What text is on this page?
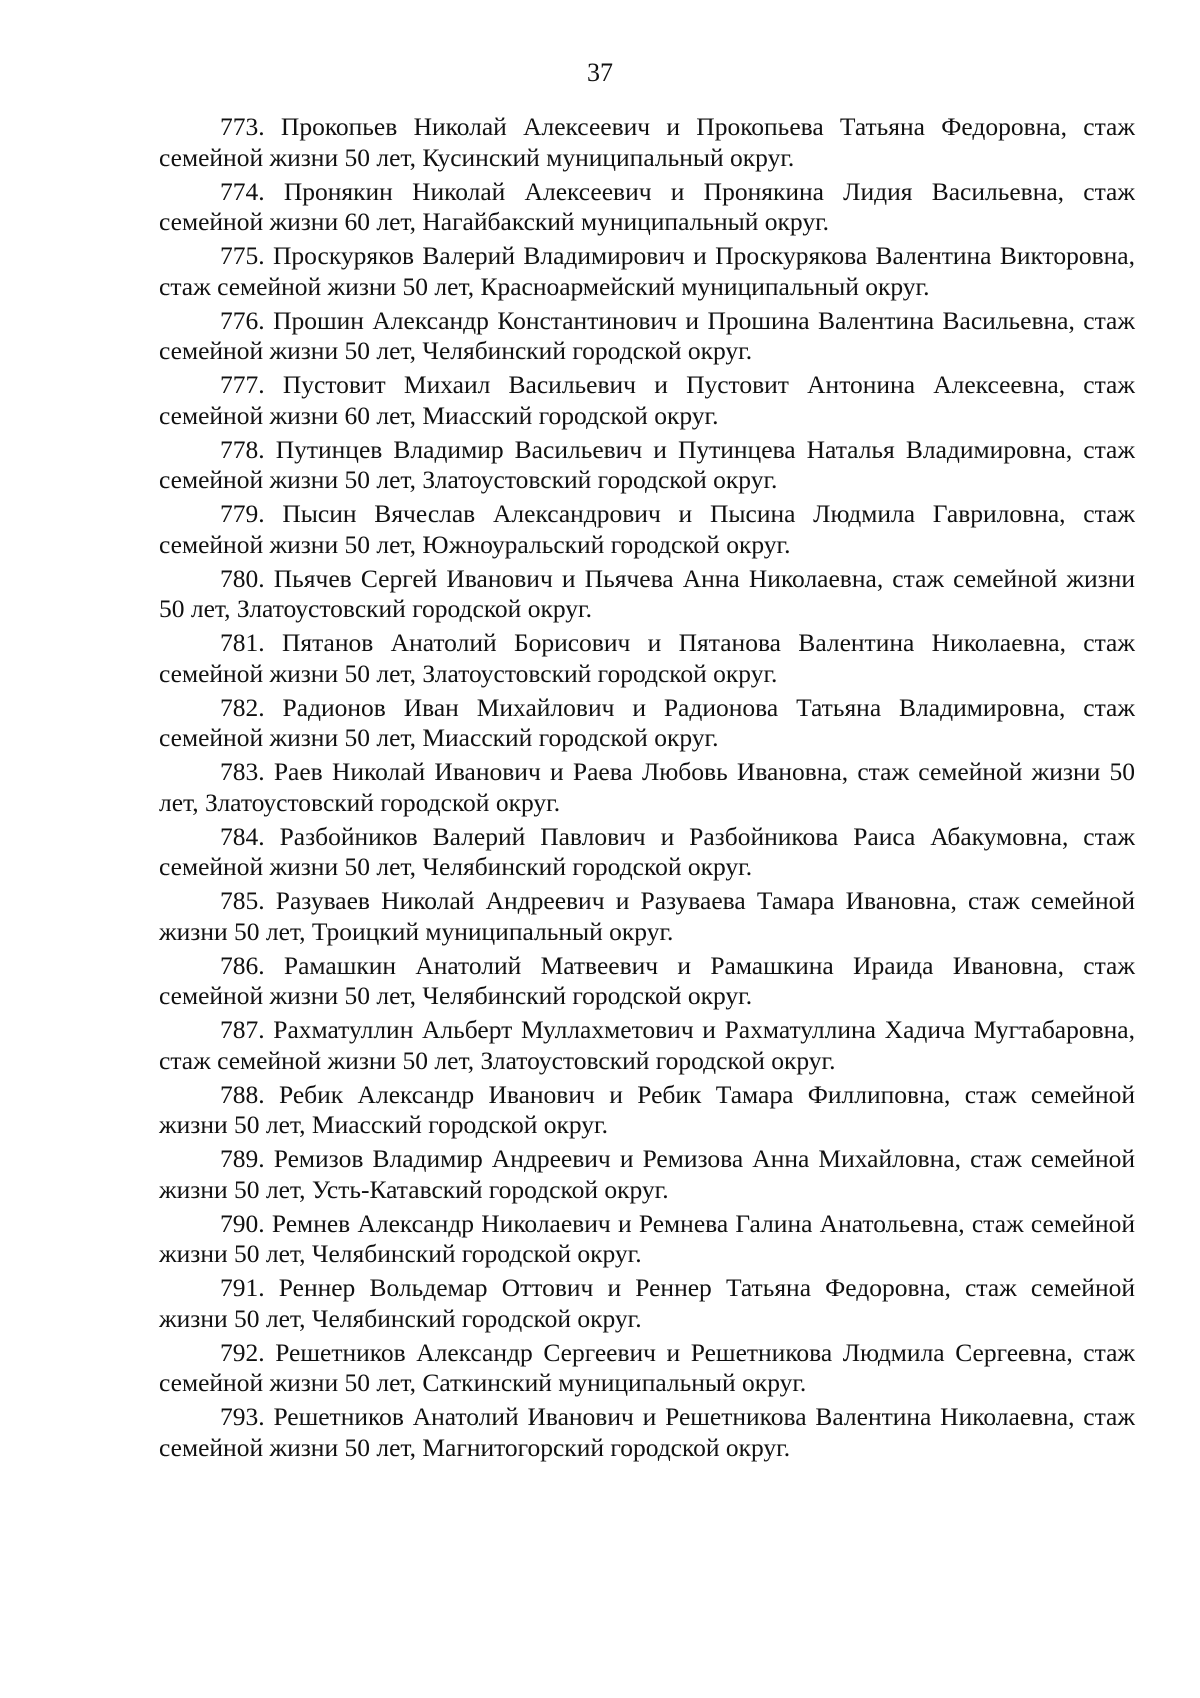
37

773. Прокопьев Николай Алексеевич и Прокопьева Татьяна Федоровна, стаж семейной жизни 50 лет, Кусинский муниципальный округ.

774. Пронякин Николай Алексеевич и Пронякина Лидия Васильевна, стаж семейной жизни 60 лет, Нагайбакский муниципальный округ.

775. Проскуряков Валерий Владимирович и Проскурякова Валентина Викторовна, стаж семейной жизни 50 лет, Красноармейский муниципальный округ.

776. Прошин Александр Константинович и Прошина Валентина Васильевна, стаж семейной жизни 50 лет, Челябинский городской округ.

777. Пустовит Михаил Васильевич и Пустовит Антонина Алексеевна, стаж семейной жизни 60 лет, Миасский городской округ.

778. Путинцев Владимир Васильевич и Путинцева Наталья Владимировна, стаж семейной жизни 50 лет, Златоустовский городской округ.

779. Пысин Вячеслав Александрович и Пысина Людмила Гавриловна, стаж семейной жизни 50 лет, Южноуральский городской округ.

780. Пьячев Сергей Иванович и Пьячева Анна Николаевна, стаж семейной жизни 50 лет, Златоустовский городской округ.

781. Пятанов Анатолий Борисович и Пятанова Валентина Николаевна, стаж семейной жизни 50 лет, Златоустовский городской округ.

782. Радионов Иван Михайлович и Радионова Татьяна Владимировна, стаж семейной жизни 50 лет, Миасский городской округ.

783. Раев Николай Иванович и Раева Любовь Ивановна, стаж семейной жизни 50 лет, Златоустовский городской округ.

784. Разбойников Валерий Павлович и Разбойникова Раиса Абакумовна, стаж семейной жизни 50 лет, Челябинский городской округ.

785. Разуваев Николай Андреевич и Разуваева Тамара Ивановна, стаж семейной жизни 50 лет, Троицкий муниципальный округ.

786. Рамашкин Анатолий Матвеевич и Рамашкина Ираида Ивановна, стаж семейной жизни 50 лет, Челябинский городской округ.

787. Рахматуллин Альберт Муллахметович и Рахматуллина Хадича Мугтабаровна, стаж семейной жизни 50 лет, Златоустовский городской округ.

788. Ребик Александр Иванович и Ребик Тамара Филлиповна, стаж семейной жизни 50 лет, Миасский городской округ.

789. Ремизов Владимир Андреевич и Ремизова Анна Михайловна, стаж семейной жизни 50 лет, Усть-Катавский городской округ.

790. Ремнев Александр Николаевич и Ремнева Галина Анатольевна, стаж семейной жизни 50 лет, Челябинский городской округ.

791. Реннер Вольдемар Оттович и Реннер Татьяна Федоровна, стаж семейной жизни 50 лет, Челябинский городской округ.

792. Решетников Александр Сергеевич и Решетникова Людмила Сергеевна, стаж семейной жизни 50 лет, Саткинский муниципальный округ.

793. Решетников Анатолий Иванович и Решетникова Валентина Николаевна, стаж семейной жизни 50 лет, Магнитогорский городской округ.
